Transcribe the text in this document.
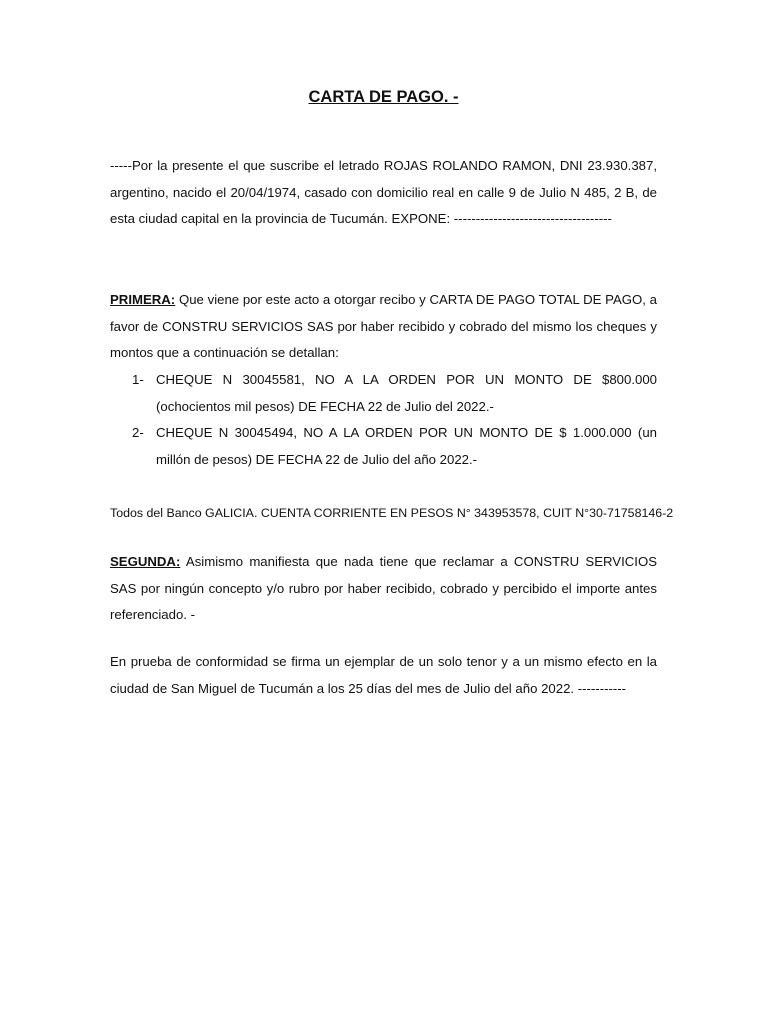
CARTA DE PAGO. -

-----Por la presente el que suscribe el letrado ROJAS ROLANDO RAMON, DNI 23.930.387, argentino, nacido el 20/04/1974, casado con domicilio real en calle 9 de Julio N 485, 2 B, de esta ciudad capital en la provincia de Tucumán. EXPONE: ------------------------------------

PRIMERA: Que viene por este acto a otorgar recibo y CARTA DE PAGO TOTAL DE PAGO, a favor de CONSTRU SERVICIOS SAS por haber recibido y cobrado del mismo los cheques y montos que a continuación se detallan:

1- CHEQUE N 30045581, NO A LA ORDEN POR UN MONTO DE $800.000 (ochocientos mil pesos) DE FECHA 22 de Julio del 2022.-
2- CHEQUE N 30045494, NO A LA ORDEN POR UN MONTO DE $ 1.000.000 (un millón de pesos) DE FECHA 22 de Julio del año 2022.-

Todos del Banco GALICIA. CUENTA CORRIENTE EN PESOS N° 343953578, CUIT N°30-71758146-2

SEGUNDA: Asimismo manifiesta que nada tiene que reclamar a CONSTRU SERVICIOS SAS por ningún concepto y/o rubro por haber recibido, cobrado y percibido el importe antes referenciado. -

En prueba de conformidad se firma un ejemplar de un solo tenor y a un mismo efecto en la ciudad de San Miguel de Tucumán a los 25 días del mes de Julio del año 2022. -----------
